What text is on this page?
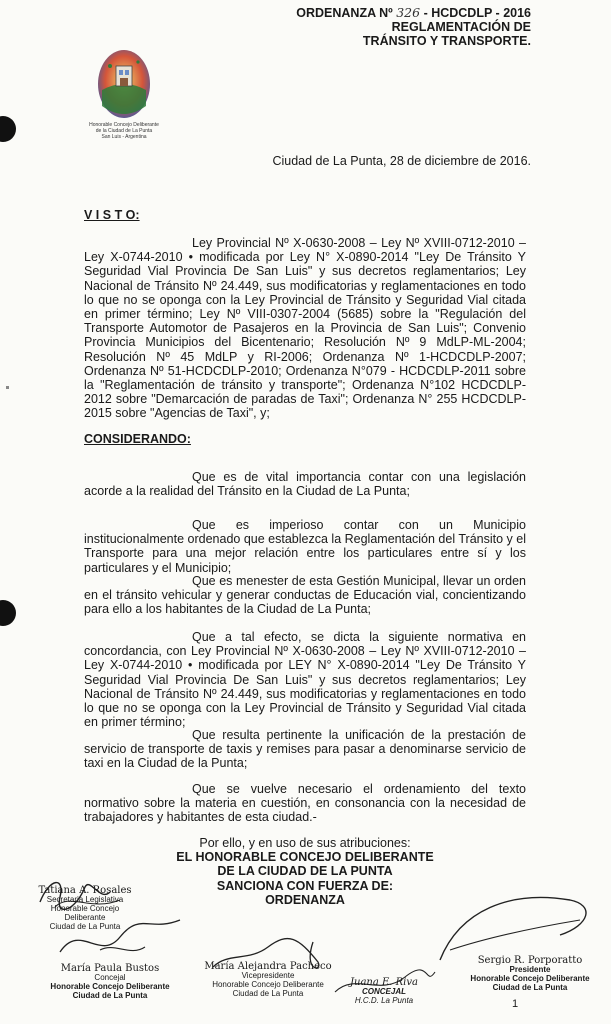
ORDENANZA Nº 326 - HCDCDLP - 2016
REGLAMENTACIÓN DE
TRÁNSITO Y TRANSPORTE.
Honorable Concejo Deliberante
de la Ciudad de La Punta
San Luis - Argentina
Ciudad de La Punta, 28 de diciembre de 2016.
V I S T O:
Ley Provincial Nº X-0630-2008 – Ley Nº XVIII-0712-2010 – Ley X-0744-2010 • modificada por Ley N° X-0890-2014 "Ley De Tránsito Y Seguridad Vial Provincia De San Luis" y sus decretos reglamentarios; Ley Nacional de Tránsito Nº 24.449, sus modificatorias y reglamentaciones en todo lo que no se oponga con la Ley Provincial de Tránsito y Seguridad Vial citada en primer término; Ley Nº VIII-0307-2004 (5685) sobre la "Regulación del Transporte Automotor de Pasajeros en la Provincia de San Luis"; Convenio Provincia Municipios del Bicentenario; Resolución Nº 9 MdLP-ML-2004; Resolución Nº 45 MdLP y RI-2006; Ordenanza Nº 1-HCDCDLP-2007; Ordenanza Nº 51-HCDCDLP-2010; Ordenanza N°079 - HCDCDLP-2011 sobre la "Reglamentación de tránsito y transporte"; Ordenanza N°102 HCDCDLP-2012 sobre "Demarcación de paradas de Taxi"; Ordenanza N° 255 HCDCDLP- 2015 sobre "Agencias de Taxi", y;
CONSIDERANDO:
Que es de vital importancia contar con una legislación acorde a la realidad del Tránsito en la Ciudad de La Punta;
Que es imperioso contar con un Municipio institucionalmente ordenado que establezca la Reglamentación del Tránsito y el Transporte para una mejor relación entre los particulares entre sí y los particulares y el Municipio;
Que es menester de esta Gestión Municipal, llevar un orden en el tránsito vehicular y generar conductas de Educación vial, concientizando para ello a los habitantes de la Ciudad de La Punta;
Que a tal efecto, se dicta la siguiente normativa en concordancia, con Ley Provincial Nº X-0630-2008 – Ley Nº XVIII-0712-2010 – Ley X-0744-2010 • modificada por LEY N° X-0890-2014 "Ley De Tránsito Y Seguridad Vial Provincia De San Luis" y sus decretos reglamentarios; Ley Nacional de Tránsito Nº 24.449, sus modificatorias y reglamentaciones en todo lo que no se oponga con la Ley Provincial de Tránsito y Seguridad Vial citada en primer término;
Que resulta pertinente la unificación de la prestación de servicio de transporte de taxis y remises para pasar a denominarse servicio de taxi en la Ciudad de la Punta;
Que se vuelve necesario el ordenamiento del texto normativo sobre la materia en cuestión, en consonancia con la necesidad de trabajadores y habitantes de esta ciudad.-
Por ello, y en uso de sus atribuciones:
EL HONORABLE CONCEJO DELIBERANTE
DE LA CIUDAD DE LA PUNTA
SANCIONA CON FUERZA DE:
ORDENANZA
Tatiana A. Rosales
Secretaria Legislativa
Honorable Concejo Deliberante
Ciudad de La Punta
María Paula Bustos
Concejal
Honorable Concejo Deliberante
Ciudad de La Punta
María Alejandra Pacheco
Vicepresidente
Honorable Concejo Deliberante
Ciudad de La Punta
Juana E. Riva
CONCEJAL
H.C.D. La Punta
Sergio R. Porporatto
Presidente
Honorable Concejo Deliberante
Ciudad de La Punta
1
